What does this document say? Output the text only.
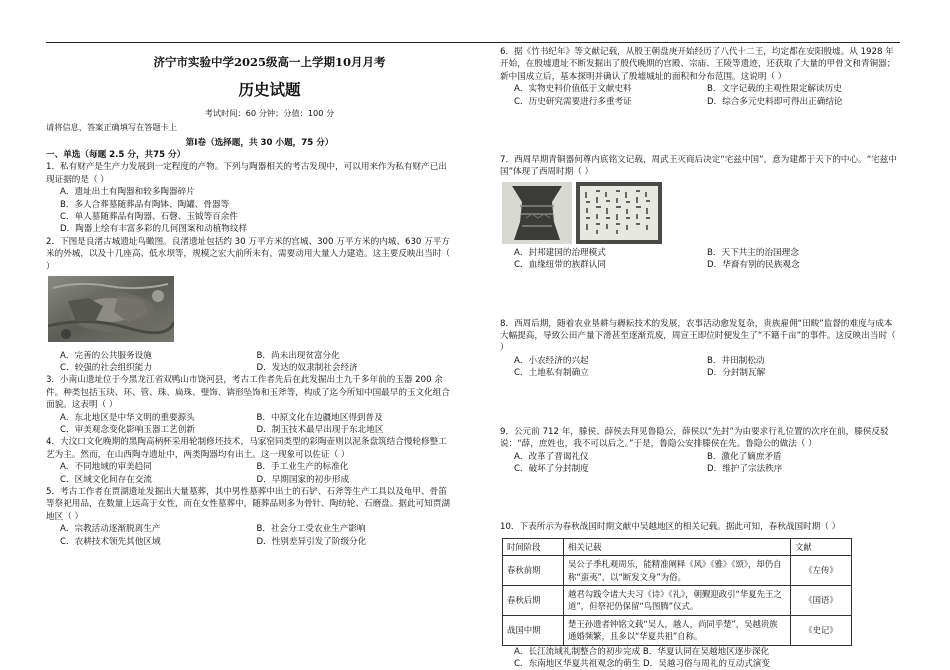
济宁市实验中学2025级高一上学期10月月考
历史试题
考试时间：60 分钟；分值：100 分
请将信息、答案正确填写在答题卡上
第Ⅰ卷（选择题，共 30 小题，75 分）
一、单选（每题 2.5 分，共75 分）

1．私有财产是生产力发展到一定程度的产物。下列与陶器相关的考古发现中，可以用来作为私有财产已出现证据的是（ ）

A．遗址出土有陶器和较多陶器碎片
B．多人合葬墓随葬品有陶钵、陶罐、骨器等
C．单人墓随葬品有陶器、石磬、玉钺等百余件
D．陶器上绘有丰富多彩的几何图案和动植物纹样

2．下图是良渚古城遗址鸟瞰图。良渚遗址包括约 30 万平方米的宫城、300 万平方米的内城、630 万平方米的外城，以及十几座高、低水坝等，规模之宏大前所未有，需要动用大量人力建造。这主要反映出当时（ ）

A．完善的公共服务设施	B．尚未出现贫富分化
C．较强的社会组织能力	D．发达的奴隶制社会经济

3．小南山遗址位于今黑龙江省双鸭山市饶河县，考古工作者先后在此发掘出土九千多年前的玉器 200 余件。种类包括玉玦、环、管、珠、扁珠、璧饰、锛形坠饰和玉斧等，构成了迄今所知中国最早的玉文化组合面貌。这表明（ ）

A．东北地区是中华文明的重要源头	B．中原文化在边疆地区得到普及
C．审美观念变化影响玉器工艺创新	D．制玉技术最早出现于东北地区

4．大汶口文化晚期的黑陶高柄杯采用轮制修坯技术，马家窑同类型的彩陶壶则以泥条盘筑结合慢轮修整工艺为主。然而，在山西陶寺遗址中，两类陶器均有出土。这一现象可以佐证（ ）

A．不同地域的审美趋同	B．手工业生产的标准化
C．区域文化间存在交流	D．早期国家的初步形成

5．考古工作者在贾湖遗址发掘出大量墓葬，其中男性墓葬中出土的石铲、石斧等生产工具以及龟甲、骨笛等祭祀用品，在数量上远高于女性，而在女性墓葬中，随葬品则多为骨针、陶纺轮、石磨盘。据此可知贾湖地区（ ）

A．宗教活动逐渐脱离生产	B．社会分工受农业生产影响
C．农耕技术领先其他区域	D．性别差异引发了阶级分化

6．据《竹书纪年》等文献记载，从殷王朝盘庚开始经历了八代十二王，均定都在安阳殷墟。从 1928 年开始，在殷墟遗址不断发掘出了殷代晚期的宫殿、宗庙、王陵等遗迹，还获取了大量的甲骨文和青铜器；新中国成立后，基本探明并确认了殷墟城址的面积和分布范围。这说明（ ）

A．实物史料价值低于文献史料	B．文字记载的主观性限定解读历史
C．历史研究需要进行多重考证	D．综合多元史料即可得出正确结论

7．西周早期青铜器何尊内底铭文记载，周武王灭商后决定“宅兹中国”，意为建都于天下的中心。“宅兹中国”体现了西周时期（ ）

A．封邦建国的治理模式	B．天下共主的治国理念
C．血缘纽带的族群认同	D．华裔有别的民族观念

8．西周后期，随着农业垦耕与耨耘技术的发展，农事活动愈发复杂，贵族雇佣“田畯”监督的难度与成本大幅提高，导致公田产量下滑甚至逐渐荒废，周宣王即位时便发生了“不籍千亩”的事件。这反映出当时（ ）

A．小农经济的兴起	B．井田制松动
C．土地私有制确立	D．分封制瓦解

9．公元前 712 年，滕侯、薛侯去拜见鲁隐公，薛侯以“先封”为由要求行礼位置的次序在前，滕侯反驳说：“薛，庶姓也，我不可以后之。”于是，鲁隐公安排滕侯在先。鲁隐公的做法（ ）

A．改革了晋谒礼仪	B．激化了嫡庶矛盾
C．破坏了分封制度	D．维护了宗法秩序

10．下表所示为春秋战国时期文献中吴越地区的相关记载。据此可知，春秋战国时期（ ）

时间阶段	相关记载	文献
春秋前期	吴公子季札观周乐，能精准阐释《风》《雅》《颂》，却仍自称“蛮夷”，以“断发文身”为俗。	《左传》
春秋后期	越君勾践令诸大夫习《诗》《礼》，朝觐迎政引“华夏先王之道”，但祭祀仍保留“鸟图腾”仪式。	《国语》
战国中期	楚王孙遗者钟铭文载“吴人，越人，尚同乎楚”，吴越贵族通婚频繁，且多以“华夏共祖”自称。	《史记》
A．长江流域礼制整合的初步完成 B．华夏认同在吴越地区逐步深化
C．东南地区华夏共祖观念的萌生 D．吴越习俗与周礼的互动式演变
